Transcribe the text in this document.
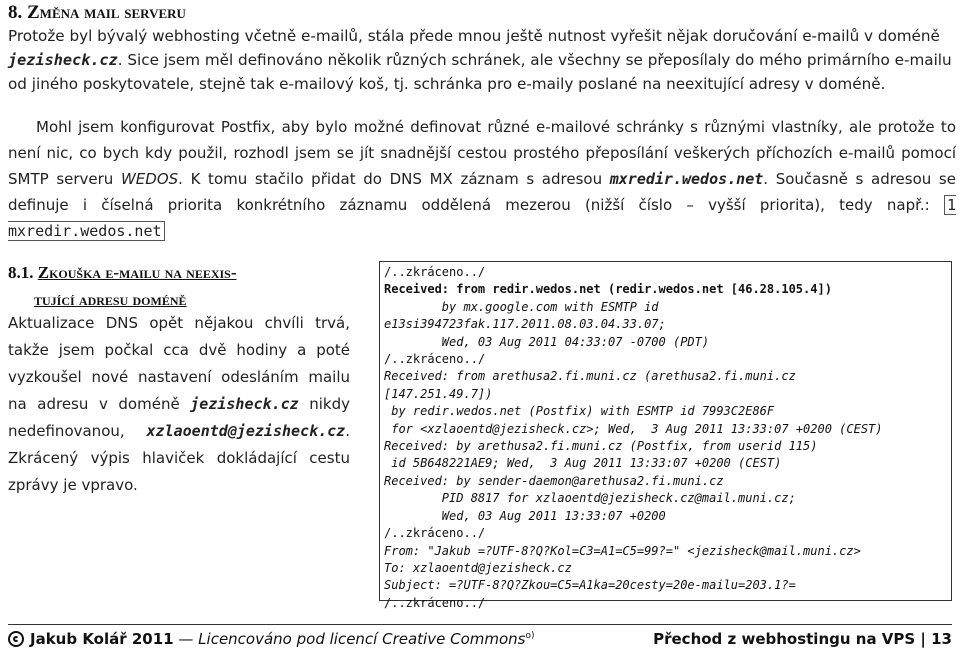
8. Změna mail serveru
Protože byl bývalý webhosting včetně e-mailů, stála přede mnou ještě nutnost vyřešit nějak doručování e-mailů v doméně jezisheck.cz. Sice jsem měl definováno několik různých schránek, ale všechny se přeposílaly do mého primárního e-mailu od jiného poskytovatele, stejně tak e-mailový koš, tj. schránka pro e-maily poslané na neexitující adresy v doméně.
Mohl jsem konfigurovat Postfix, aby bylo možné definovat různé e-mailové schránky s různými vlastníky, ale protože to není nic, co bych kdy použil, rozhodl jsem se jít snadnější cestou prostého přeposílání veškerých příchozích e-mailů pomocí SMTP serveru WEDOS. K tomu stačilo přidat do DNS MX záznam s adresou mxredir.wedos.net. Současně s adresou se definuje i číselná priorita konkrétního záznamu oddělená mezerou (nižší číslo – vyšší priorita), tedy např.: 1 mxredir.wedos.net
8.1. Zkouška e-mailu na neexis-
tující adresu doméně
Aktualizace DNS opět nějakou chvíli trvá, takže jsem počkal cca dvě hodiny a poté vyzkoušel nové nastavení odesláním mailu na adresu v doméně jezisheck.cz nikdy nedefinovanou, xzlaoentd@jezisheck.cz. Zkrácený výpis hlaviček dokládající cestu zprávy je vpravo.
/..zkráceno../
Received: from redir.wedos.net (redir.wedos.net [46.28.105.4])
by mx.google.com with ESMTP id
e13si394723fak.117.2011.08.03.04.33.07;
Wed, 03 Aug 2011 04:33:07 -0700 (PDT)
/..zkráceno../
Received: from arethusa2.fi.muni.cz (arethusa2.fi.muni.cz
[147.251.49.7])
by redir.wedos.net (Postfix) with ESMTP id 7993C2E86F
for <xzlaoentd@jezisheck.cz>; Wed,  3 Aug 2011 13:33:07 +0200 (CEST)
Received: by arethusa2.fi.muni.cz (Postfix, from userid 115)
id 5B648221AE9; Wed,  3 Aug 2011 13:33:07 +0200 (CEST)
Received: by sender-daemon@arethusa2.fi.muni.cz
PID 8817 for xzlaoentd@jezisheck.cz@mail.muni.cz;
Wed, 03 Aug 2011 13:33:07 +0200
/..zkráceno../
From: "Jakub =?UTF-8?Q?Kol=C3=A1=C5=99?=" <jezisheck@mail.muni.cz>
To: xzlaoentd@jezisheck.cz
Subject: =?UTF-8?Q?Zkou=C5=A1ka=20cesty=20e-mailu=203.1?=
/..zkráceno../
Jakub Kolář 2011 — Licencováno pod licencí Creative Commons$^{o)}$	Přechod z webhostingu na VPS | 13
